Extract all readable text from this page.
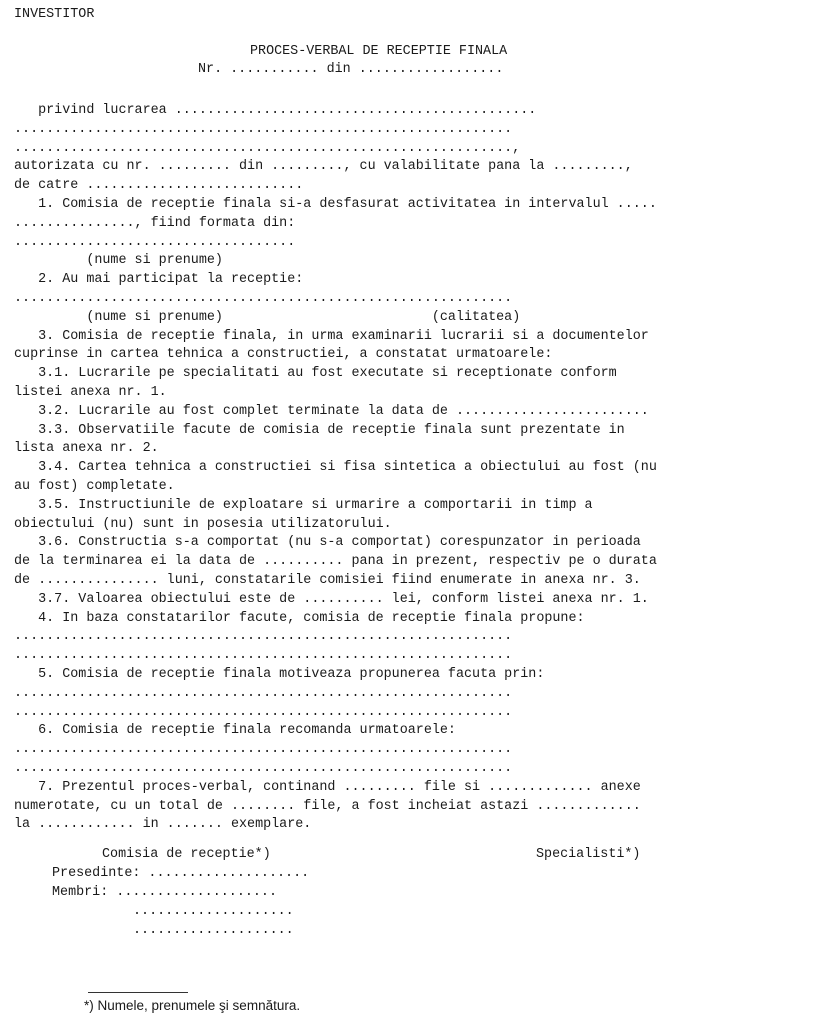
INVESTITOR
PROCES-VERBAL DE RECEPTIE FINALA
Nr. ........... din ..................
privind lucrarea .............................................
..............................................................
..............................................................,
autorizata cu nr. ......... din ........., cu valabilitate pana la .........,
de catre ...........................
1. Comisia de receptie finala si-a desfasurat activitatea in intervalul .....
..............., fiind formata din:
...................................
(nume si prenume)
2. Au mai participat la receptie:
..............................................................
(nume si prenume)                          (calitatea)
3. Comisia de receptie finala, in urma examinarii lucrarii si a documentelor
cuprinse in cartea tehnica a constructiei, a constatat urmatoarele:
3.1. Lucrarile pe specialitati au fost executate si receptionate conform
listei anexa nr. 1.
3.2. Lucrarile au fost complet terminate la data de ........................
3.3. Observatiile facute de comisia de receptie finala sunt prezentate in
lista anexa nr. 2.
3.4. Cartea tehnica a constructiei si fisa sintetica a obiectului au fost (nu
au fost) completate.
3.5. Instructiunile de exploatare si urmarire a comportarii in timp a
obiectului (nu) sunt in posesia utilizatorului.
3.6. Constructia s-a comportat (nu s-a comportat) corespunzator in perioada
de la terminarea ei la data de .......... pana in prezent, respectiv pe o durata
de ............... luni, constatarile comisiei fiind enumerate in anexa nr. 3.
3.7. Valoarea obiectului este de .......... lei, conform listei anexa nr. 1.
4. In baza constatarilor facute, comisia de receptie finala propune:
..............................................................
..............................................................
5. Comisia de receptie finala motiveaza propunerea facuta prin:
..............................................................
..............................................................
6. Comisia de receptie finala recomanda urmatoarele:
..............................................................
..............................................................
7. Prezentul proces-verbal, continand ......... file si ............. anexe
numerotate, cu un total de ........ file, a fost incheiat astazi .............
la ............ in ....... exemplare.
Comisia de receptie*)	Specialisti*)
Presedinte: ....................
Membri: ....................
....................
....................
*) Numele, prenumele şi semnătura.
